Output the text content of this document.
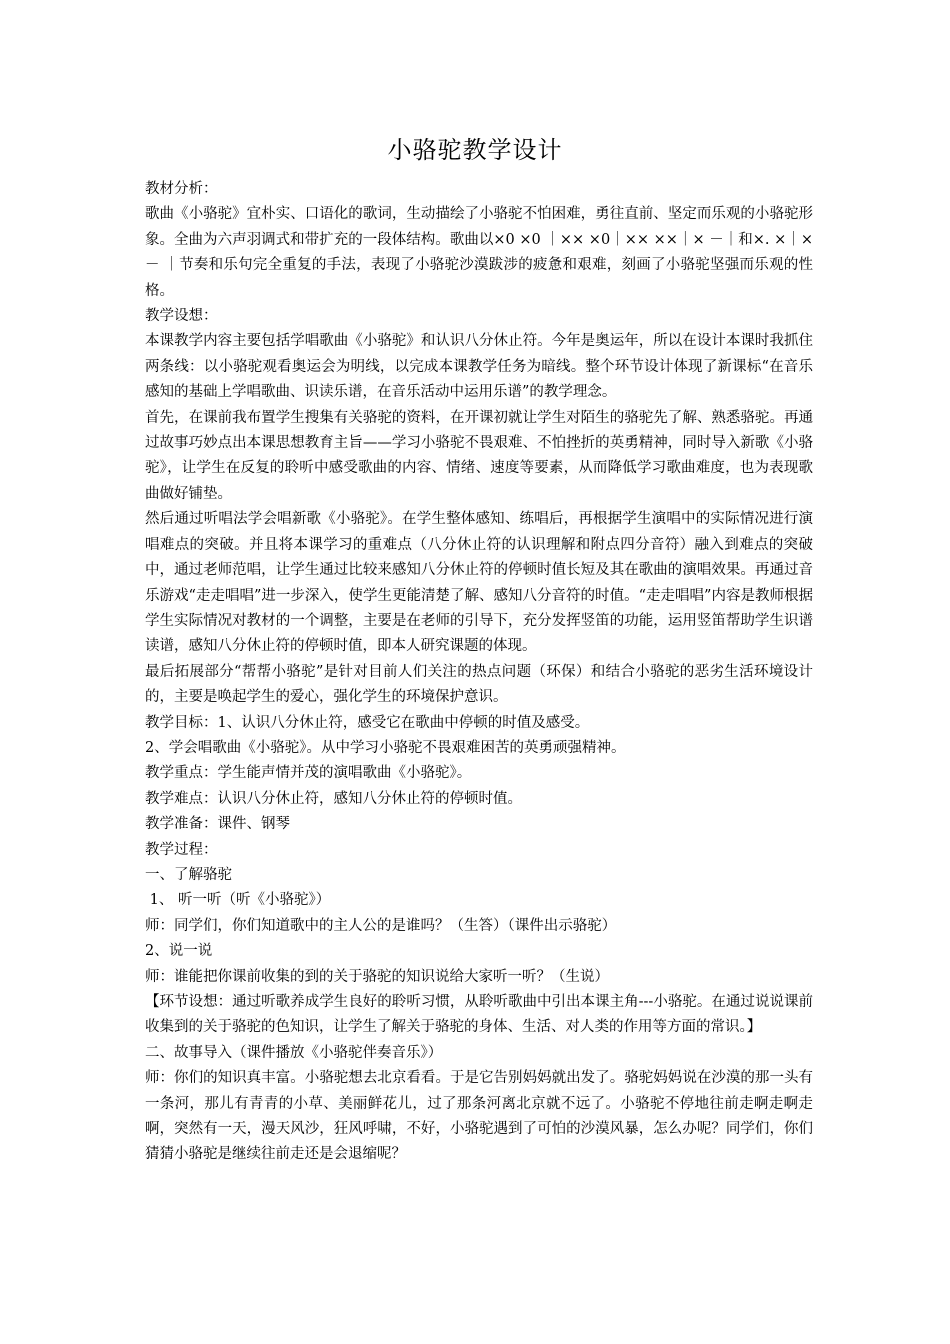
小骆驼教学设计

教材分析：

歌曲《小骆驼》宜朴实、口语化的歌词，生动描绘了小骆驼不怕困难，勇往直前、坚定而乐观的小骆驼形象。全曲为六声羽调式和带扩充的一段体结构。歌曲以×0 ×0 ｜×× ×0｜×× ××｜× －｜和×. ×｜× － ｜节奏和乐句完全重复的手法，表现了小骆驼沙漠跋涉的疲惫和艰难，刻画了小骆驼坚强而乐观的性格。

教学设想：

本课教学内容主要包括学唱歌曲《小骆驼》和认识八分休止符。今年是奥运年，所以在设计本课时我抓住两条线：以小骆驼观看奥运会为明线，以完成本课教学任务为暗线。整个环节设计体现了新课标“在音乐感知的基础上学唱歌曲、识读乐谱，在音乐活动中运用乐谱”的教学理念。

首先，在课前我布置学生搜集有关骆驼的资料，在开课初就让学生对陌生的骆驼先了解、熟悉骆驼。再通过故事巧妙点出本课思想教育主旨——学习小骆驼不畏艰难、不怕挫折的英勇精神，同时导入新歌《小骆驼》，让学生在反复的聆听中感受歌曲的内容、情绪、速度等要素，从而降低学习歌曲难度，也为表现歌曲做好铺垫。

然后通过听唱法学会唱新歌《小骆驼》。在学生整体感知、练唱后，再根据学生演唱中的实际情况进行演唱难点的突破。并且将本课学习的重难点（八分休止符的认识理解和附点四分音符）融入到难点的突破中，通过老师范唱，让学生通过比较来感知八分休止符的停顿时值长短及其在歌曲的演唱效果。再通过音乐游戏“走走唱唱”进一步深入，使学生更能清楚了解、感知八分音符的时值。“走走唱唱”内容是教师根据学生实际情况对教材的一个调整，主要是在老师的引导下，充分发挥竖笛的功能，运用竖笛帮助学生识谱读谱，感知八分休止符的停顿时值，即本人研究课题的体现。

最后拓展部分“帮帮小骆驼”是针对目前人们关注的热点问题（环保）和结合小骆驼的恶劣生活环境设计的，主要是唤起学生的爱心，强化学生的环境保护意识。

教学目标：1、认识八分休止符，感受它在歌曲中停顿的时值及感受。

2、学会唱歌曲《小骆驼》。从中学习小骆驼不畏艰难困苦的英勇顽强精神。

教学重点：学生能声情并茂的演唱歌曲《小骆驼》。

教学难点：认识八分休止符，感知八分休止符的停顿时值。

教学准备：课件、钢琴

教学过程：

一、了解骆驼

1、 听一听（听《小骆驼》）

师：同学们，你们知道歌中的主人公的是谁吗？（生答）（课件出示骆驼）

2、说一说

师：谁能把你课前收集的到的关于骆驼的知识说给大家听一听？（生说）

【环节设想：通过听歌养成学生良好的聆听习惯，从聆听歌曲中引出本课主角---小骆驼。在通过说说课前收集到的关于骆驼的色知识，让学生了解关于骆驼的身体、生活、对人类的作用等方面的常识。】

二、故事导入（课件播放《小骆驼伴奏音乐》）

师：你们的知识真丰富。小骆驼想去北京看看。于是它告别妈妈就出发了。骆驼妈妈说在沙漠的那一头有一条河，那儿有青青的小草、美丽鲜花儿，过了那条河离北京就不远了。小骆驼不停地往前走啊走啊走啊，突然有一天，漫天风沙，狂风呼啸，不好，小骆驼遇到了可怕的沙漠风暴，怎么办呢？同学们，你们猜猜小骆驼是继续往前走还是会退缩呢？
